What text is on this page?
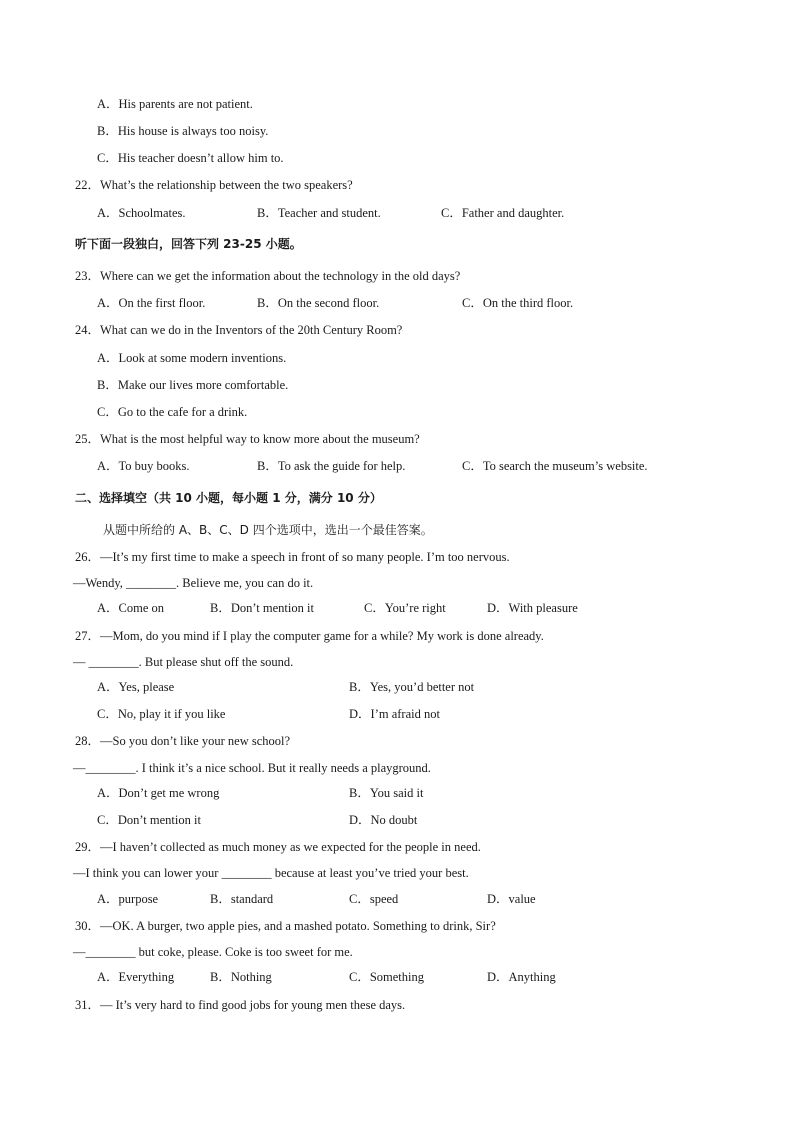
A．His parents are not patient.
B．His house is always too noisy.
C．His teacher doesn’t allow him to.
22．What’s the relationship between the two speakers?
A．Schoolmates.	B．Teacher and student.	C．Father and daughter.
听下面一段独白，回答下列 23-25 小题。
23．Where can we get the information about the technology in the old days?
A．On the first floor.	B．On the second floor.	C．On the third floor.
24．What can we do in the Inventors of the 20th Century Room?
A．Look at some modern inventions.
B．Make our lives more comfortable.
C．Go to the cafe for a drink.
25．What is the most helpful way to know more about the museum?
A．To buy books.	B．To ask the guide for help.	C．To search the museum’s website.
二、选择填空（共 10 小题，每小题 1 分，满分 10 分）
从题中所给的 A、B、C、D 四个选项中，选出一个最佳答案。
26．—It’s my first time to make a speech in front of so many people. I’m too nervous.
—Wendy, ________. Believe me, you can do it.
A．Come on	B．Don’t mention it	C．You’re right	D．With pleasure
27．—Mom, do you mind if I play the computer game for a while? My work is done already.
— ________. But please shut off the sound.
A．Yes, please	B．Yes, you’d better not
C．No, play it if you like	D．I’m afraid not
28．—So you don’t like your new school?
—________. I think it’s a nice school. But it really needs a playground.
A．Don’t get me wrong	B．You said it
C．Don’t mention it	D．No doubt
29．—I haven’t collected as much money as we expected for the people in need.
—I think you can lower your ________ because at least you’ve tried your best.
A．purpose	B．standard	C．speed	D．value
30．—OK. A burger, two apple pies, and a mashed potato. Something to drink, Sir?
—________ but coke, please. Coke is too sweet for me.
A．Everything	B．Nothing	C．Something	D．Anything
31．— It’s very hard to find good jobs for young men these days.
